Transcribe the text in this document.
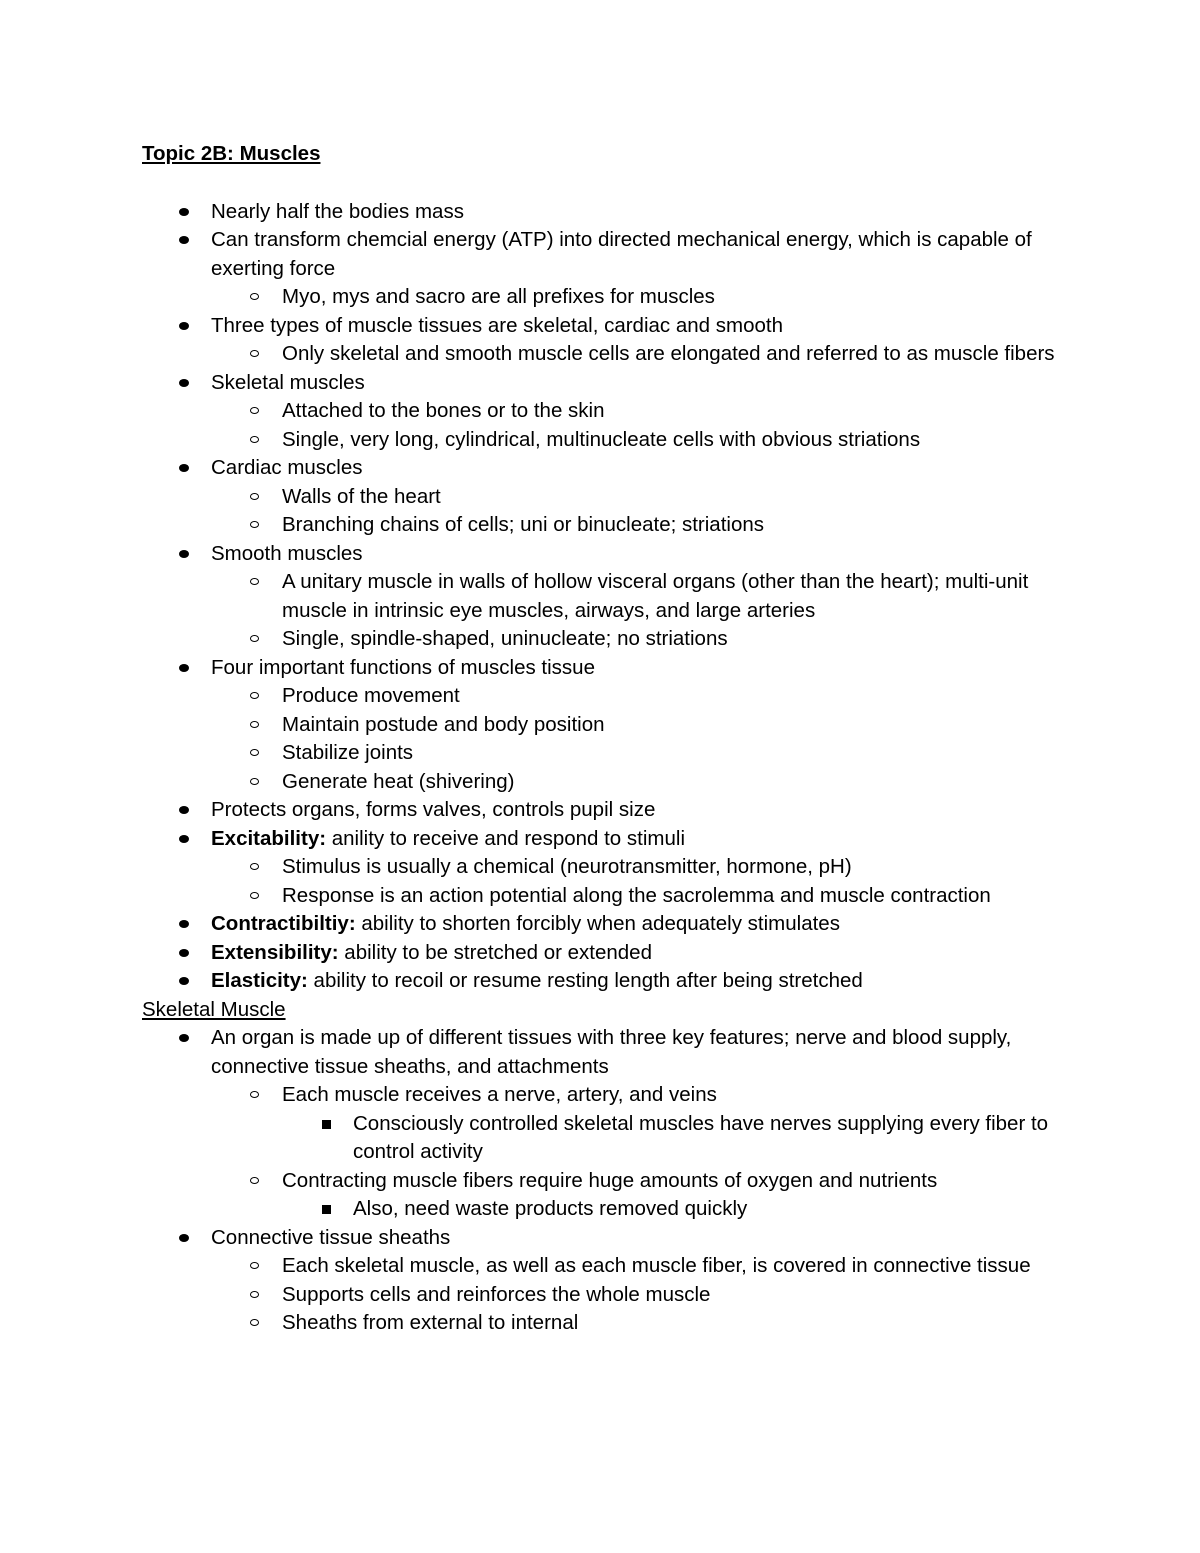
Topic 2B: Muscles
Nearly half the bodies mass
Can transform chemcial energy (ATP) into directed mechanical energy, which is capable of exerting force
Myo, mys and sacro are all prefixes for muscles
Three types of muscle tissues are skeletal, cardiac and smooth
Only skeletal and smooth muscle cells are elongated and referred to as muscle fibers
Skeletal muscles
Attached to the bones or to the skin
Single, very long, cylindrical, multinucleate cells with obvious striations
Cardiac muscles
Walls of the heart
Branching chains of cells; uni or binucleate; striations
Smooth muscles
A unitary muscle in walls of hollow visceral organs (other than the heart); multi-unit muscle in intrinsic eye muscles, airways, and large arteries
Single, spindle-shaped, uninucleate; no striations
Four important functions of muscles tissue
Produce movement
Maintain postude and body position
Stabilize joints
Generate heat (shivering)
Protects organs, forms valves, controls pupil size
Excitability: anility to receive and respond to stimuli
Stimulus is usually a chemical (neurotransmitter, hormone, pH)
Response is an action potential along the sacrolemma and muscle contraction
Contractibiltiy: ability to shorten forcibly when adequately stimulates
Extensibility: ability to be stretched or extended
Elasticity: ability to recoil or resume resting length after being stretched
Skeletal Muscle
An organ is made up of different tissues with three key features; nerve and blood supply, connective tissue sheaths, and attachments
Each muscle receives a nerve, artery, and veins
Consciously controlled skeletal muscles have nerves supplying every fiber to control activity
Contracting muscle fibers require huge amounts of oxygen and nutrients
Also, need waste products removed quickly
Connective tissue sheaths
Each skeletal muscle, as well as each muscle fiber, is covered in connective tissue
Supports cells and reinforces the whole muscle
Sheaths from external to internal
